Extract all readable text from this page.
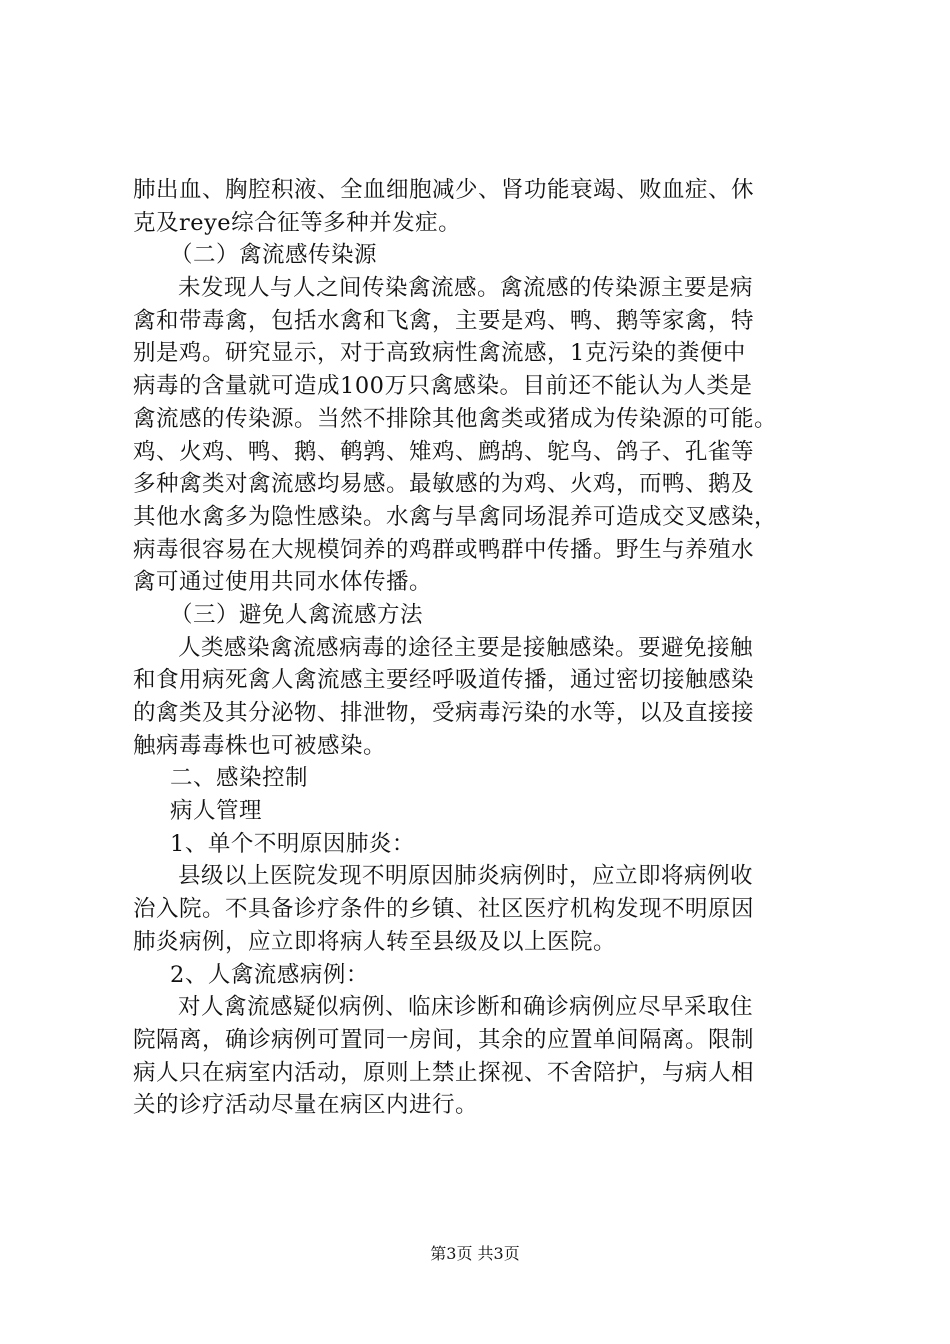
肺出血、胸腔积液、全血细胞减少、肾功能衰竭、败血症、休
克及reye综合征等多种并发症。
（二）禽流感传染源
未发现人与人之间传染禽流感。禽流感的传染源主要是病
禽和带毒禽，包括水禽和飞禽，主要是鸡、鸭、鹅等家禽，特
别是鸡。研究显示，对于高致病性禽流感，1克污染的粪便中
病毒的含量就可造成100万只禽感染。目前还不能认为人类是
禽流感的传染源。当然不排除其他禽类或猪成为传染源的可能。
鸡、火鸡、鸭、鹅、鹌鹑、雉鸡、鹧鸪、鸵鸟、鸽子、孔雀等
多种禽类对禽流感均易感。最敏感的为鸡、火鸡，而鸭、鹅及
其他水禽多为隐性感染。水禽与旱禽同场混养可造成交叉感染，
病毒很容易在大规模饲养的鸡群或鸭群中传播。野生与养殖水
禽可通过使用共同水体传播。
（三）避免人禽流感方法
人类感染禽流感病毒的途径主要是接触感染。要避免接触
和食用病死禽人禽流感主要经呼吸道传播，通过密切接触感染
的禽类及其分泌物、排泄物，受病毒污染的水等，以及直接接
触病毒毒株也可被感染。
二、感染控制
病人管理
1、单个不明原因肺炎：
县级以上医院发现不明原因肺炎病例时，应立即将病例收
治入院。不具备诊疗条件的乡镇、社区医疗机构发现不明原因
肺炎病例，应立即将病人转至县级及以上医院。
2、人禽流感病例：
对人禽流感疑似病例、临床诊断和确诊病例应尽早采取住
院隔离，确诊病例可置同一房间，其余的应置单间隔离。限制
病人只在病室内活动，原则上禁止探视、不舍陪护，与病人相
关的诊疗活动尽量在病区内进行。
第3页 共3页
